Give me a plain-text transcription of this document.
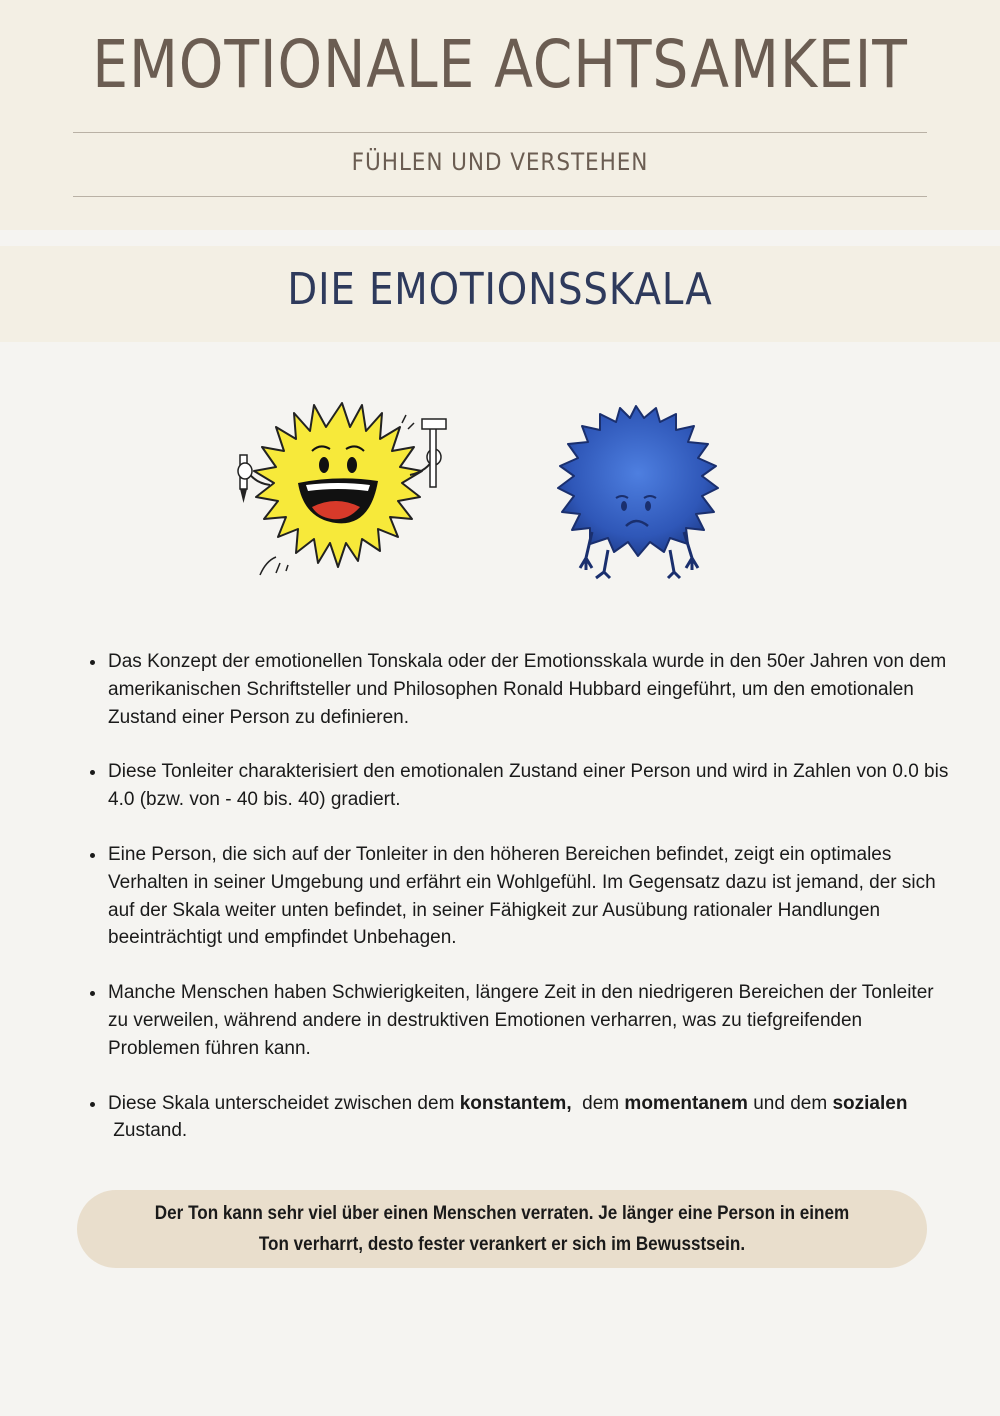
EMOTIONALE ACHTSAMKEIT

FÜHLEN UND VERSTEHEN

DIE EMOTIONSSKALA
• Das Konzept der emotionellen Tonskala oder der Emotionsskala wurde in den 50er Jahren von dem amerikanischen Schriftsteller und Philosophen Ronald Hubbard eingeführt, um den emotionalen Zustand einer Person zu definieren.
• Diese Tonleiter charakterisiert den emotionalen Zustand einer Person und wird in Zahlen von 0.0 bis 4.0 (bzw. von - 40 bis. 40) gradiert.
• Eine Person, die sich auf der Tonleiter in den höheren Bereichen befindet, zeigt ein optimales Verhalten in seiner Umgebung und erfährt ein Wohlgefühl. Im Gegensatz dazu ist jemand, der sich auf der Skala weiter unten befindet, in seiner Fähigkeit zur Ausübung rationaler Handlungen beeinträchtigt und empfindet Unbehagen.
• Manche Menschen haben Schwierigkeiten, längere Zeit in den niedrigeren Bereichen der Tonleiter zu verweilen, während andere in destruktiven Emotionen verharren, was zu tiefgreifenden Problemen führen kann.
• Diese Skala unterscheidet zwischen dem konstantem,  dem momentanem und dem sozialen Zustand.

Der Ton kann sehr viel über einen Menschen verraten. Je länger eine Person in einem Ton verharrt, desto fester verankert er sich im Bewusstsein.
